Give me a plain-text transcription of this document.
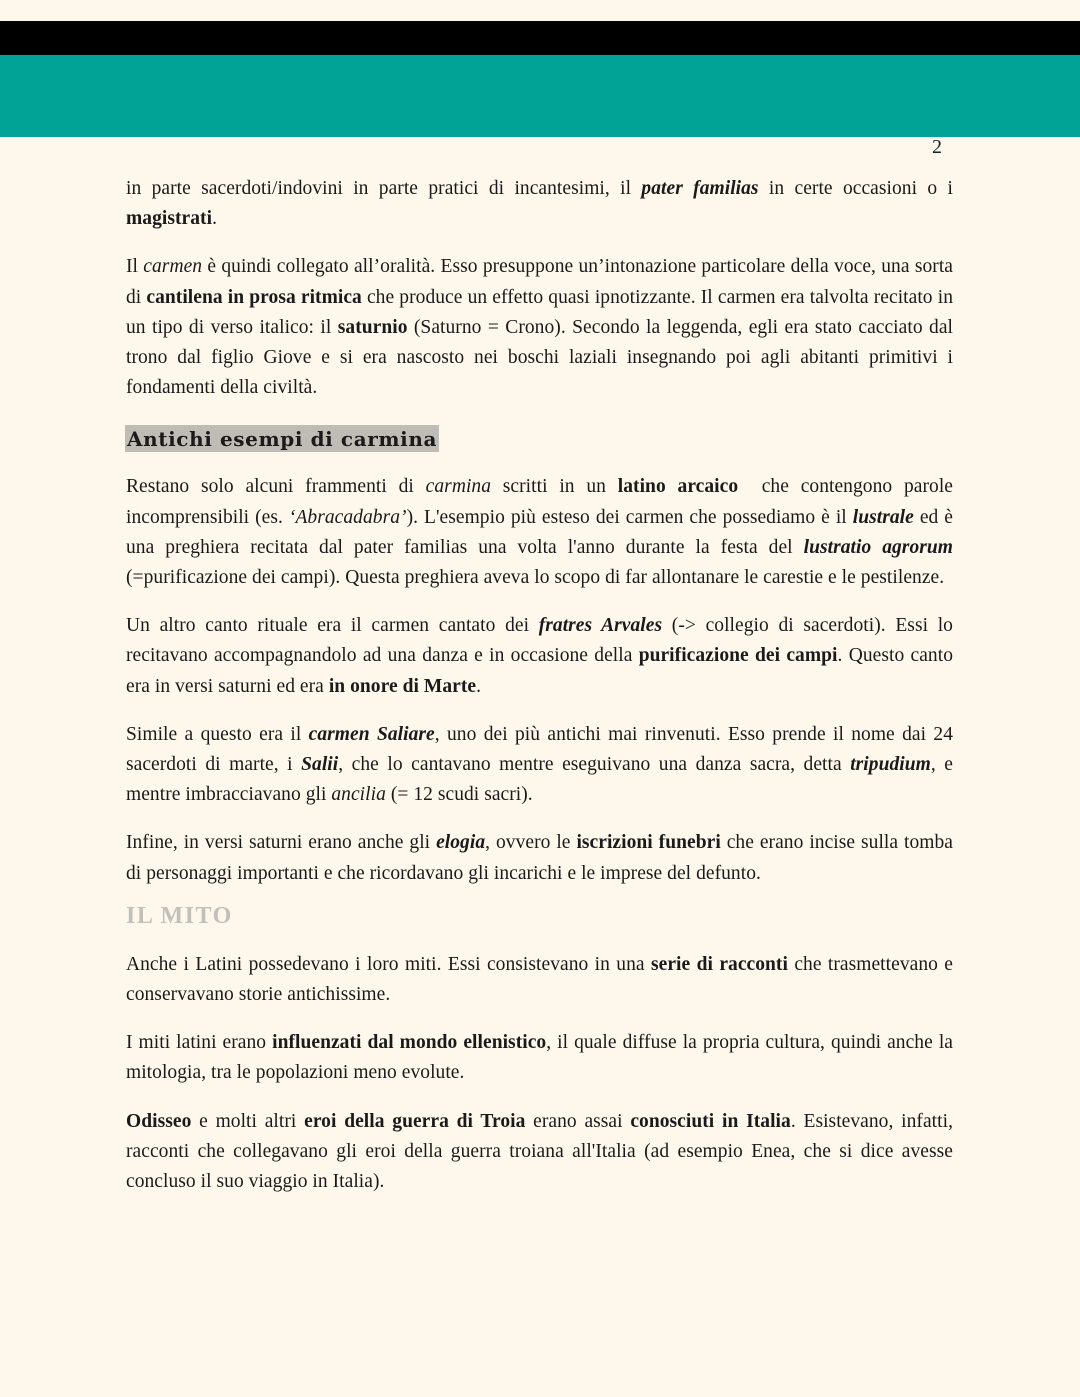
2

in parte sacerdoti/indovini in parte pratici di incantesimi, il pater familias in certe occasioni o i magistrati.

Il carmen è quindi collegato all’oralità. Esso presuppone un’intonazione particolare della voce, una sorta di cantilena in prosa ritmica che produce un effetto quasi ipnotizzante. Il carmen era talvolta recitato in un tipo di verso italico: il saturnio (Saturno = Crono). Secondo la leggenda, egli era stato cacciato dal trono dal figlio Giove e si era nascosto nei boschi laziali insegnando poi agli abitanti primitivi i fondamenti della civiltà.

Antichi esempi di carmina

Restano solo alcuni frammenti di carmina scritti in un latino arcaico  che contengono parole incomprensibili (es. ‘Abracadabra’). L'esempio più esteso dei carmen che possediamo è il lustrale ed è una preghiera recitata dal pater familias una volta l'anno durante la festa del lustratio agrorum (=purificazione dei campi). Questa preghiera aveva lo scopo di far allontanare le carestie e le pestilenze.

Un altro canto rituale era il carmen cantato dei fratres Arvales (-> collegio di sacerdoti). Essi lo recitavano accompagnandolo ad una danza e in occasione della purificazione dei campi. Questo canto era in versi saturni ed era in onore di Marte.

Simile a questo era il carmen Saliare, uno dei più antichi mai rinvenuti. Esso prende il nome dai 24 sacerdoti di marte, i Salii, che lo cantavano mentre eseguivano una danza sacra, detta tripudium, e mentre imbracciavano gli ancilia (= 12 scudi sacri).

Infine, in versi saturni erano anche gli elogia, ovvero le iscrizioni funebri che erano incise sulla tomba di personaggi importanti e che ricordavano gli incarichi e le imprese del defunto.

IL MITO

Anche i Latini possedevano i loro miti. Essi consistevano in una serie di racconti che trasmettevano e conservavano storie antichissime.

I miti latini erano influenzati dal mondo ellenistico, il quale diffuse la propria cultura, quindi anche la mitologia, tra le popolazioni meno evolute.

Odisseo e molti altri eroi della guerra di Troia erano assai conosciuti in Italia. Esistevano, infatti, racconti che collegavano gli eroi della guerra troiana all'Italia (ad esempio Enea, che si dice avesse concluso il suo viaggio in Italia).
